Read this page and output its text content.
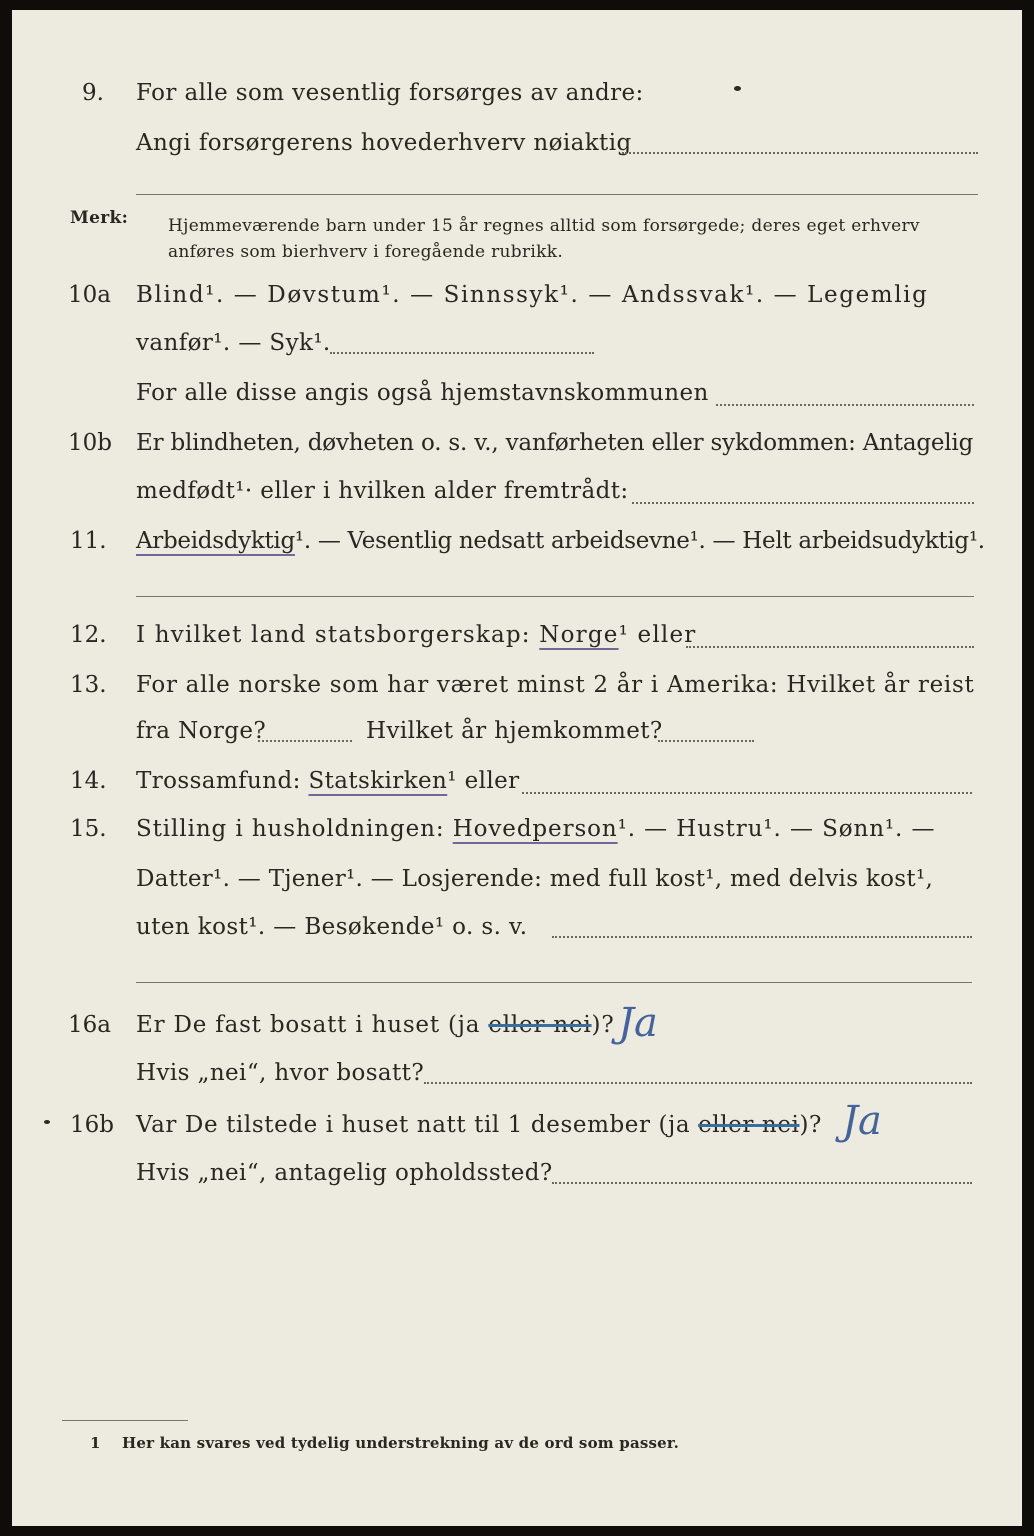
9. For alle som vesentlig forsørges av andre:
Angi forsørgerens hovederhverv nøiaktig
Merk: Hjemmeværende barn under 15 år regnes alltid som forsørgede; deres eget erhverv
anføres som bierhverv i foregående rubrikk.
10a Blind¹. — Døvstum¹. — Sinnssyk¹. — Andssvak¹. — Legemlig
vanfør¹. — Syk¹.
For alle disse angis også hjemstavnskommunen
10b Er blindheten, døvheten o. s. v., vanførheten eller sykdommen: Antagelig
medfødt¹· eller i hvilken alder fremtrådt:
11. Arbeidsdyktig¹. — Vesentlig nedsatt arbeidsevne¹. — Helt arbeidsudyktig¹.
12. I hvilket land statsborgerskap: Norge¹ eller
13. For alle norske som har været minst 2 år i Amerika: Hvilket år reist
fra Norge?	Hvilket år hjemkommet?
14. Trossamfund: Statskirken¹ eller
15. Stilling i husholdningen: Hovedperson¹. — Hustru¹. — Sønn¹. —
Datter¹. — Tjener¹. — Losjerende: med full kost¹, med delvis kost¹,
uten kost¹. — Besøkende¹ o. s. v.
16a Er De fast bosatt i huset (ja eller nei)? Ja
Hvis „nei“, hvor bosatt?
16b Var De tilstede i huset natt til 1 desember (ja eller nei)? Ja
Hvis „nei“, antagelig opholdssted?
1 Her kan svares ved tydelig understrekning av de ord som passer.
